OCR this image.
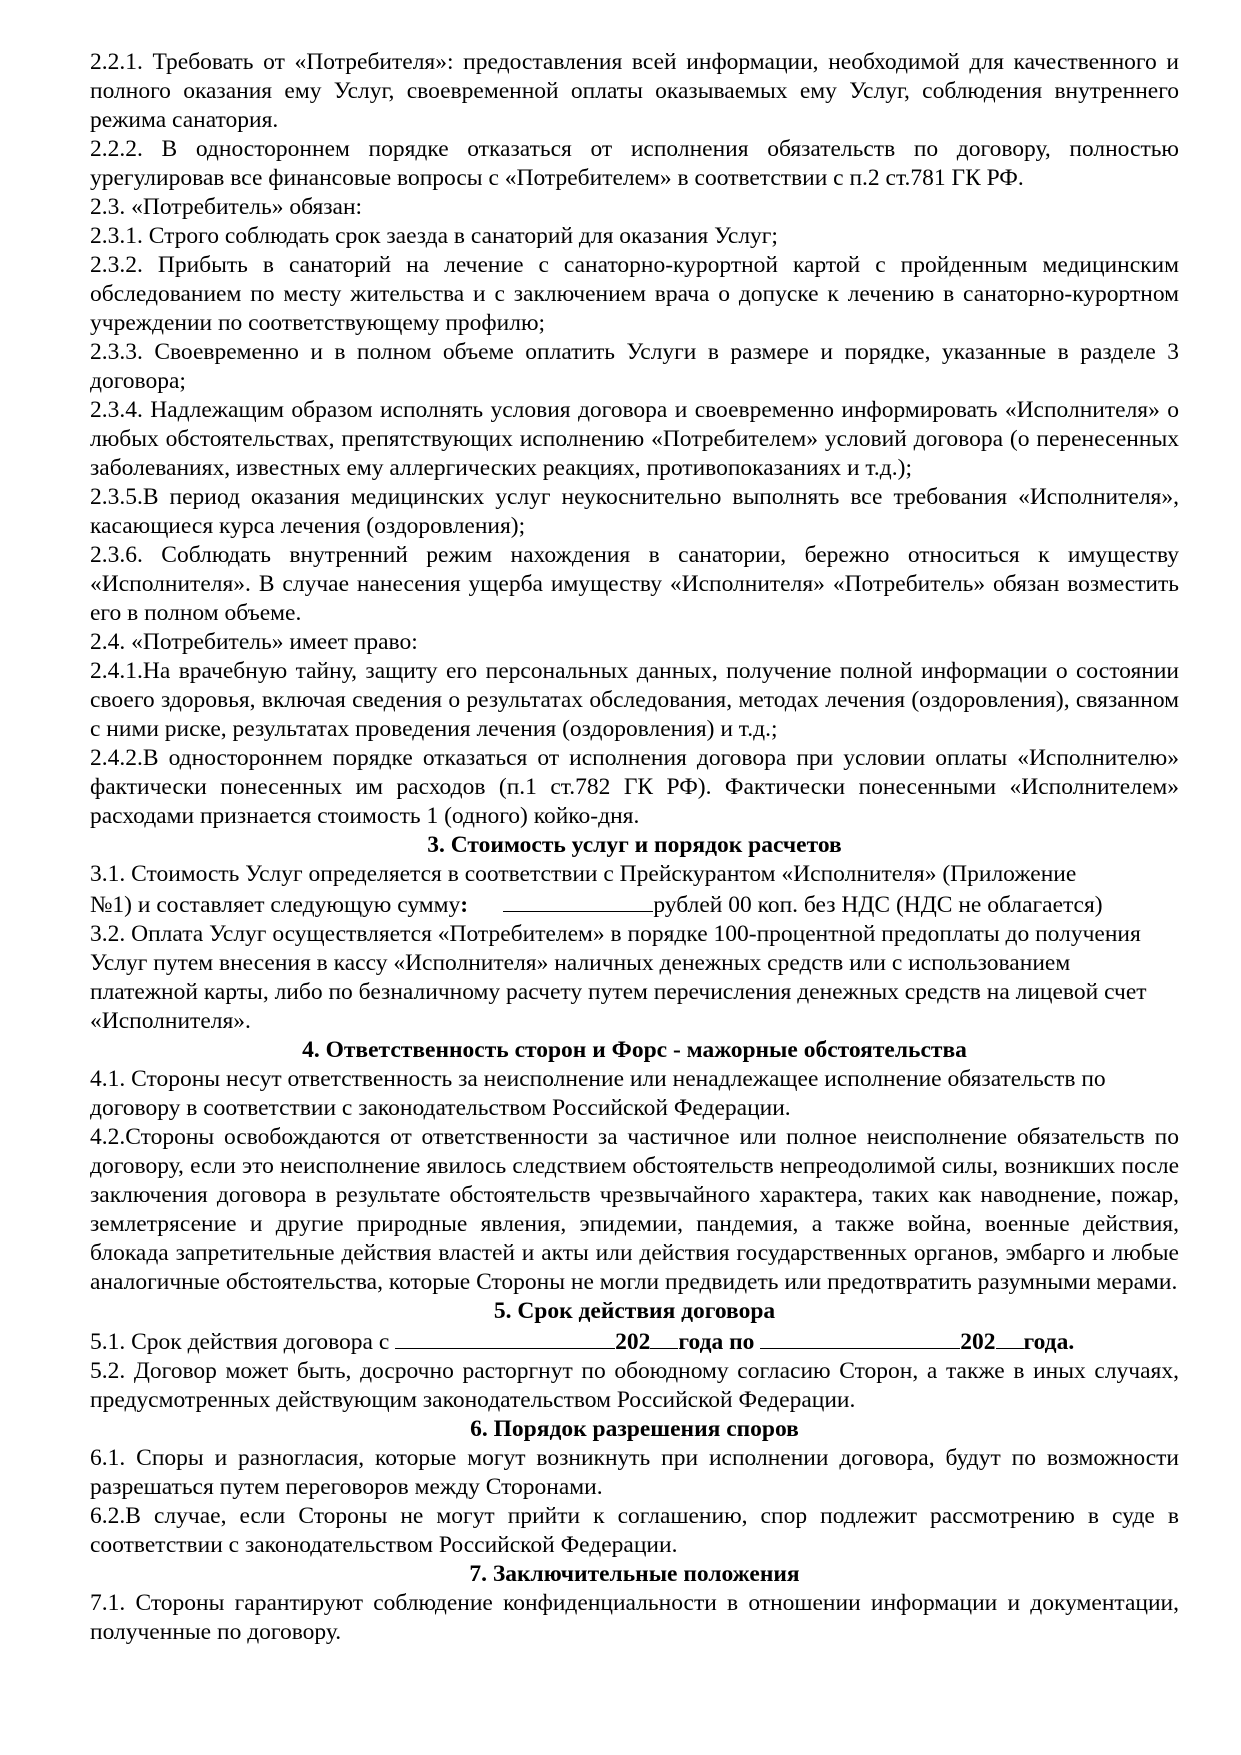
2.2.1. Требовать от «Потребителя»: предоставления всей информации, необходимой для качественного и полного оказания ему Услуг, своевременной оплаты оказываемых ему Услуг, соблюдения внутреннего режима санатория.

2.2.2. В одностороннем порядке отказаться от исполнения обязательств по договору, полностью урегулировав все финансовые вопросы с «Потребителем» в соответствии с п.2 ст.781 ГК РФ.

2.3. «Потребитель» обязан:

2.3.1. Строго соблюдать срок заезда в санаторий для оказания Услуг;

2.3.2. Прибыть в санаторий на лечение с санаторно-курортной картой с пройденным медицинским обследованием по месту жительства и с заключением врача о допуске к лечению в санаторно-курортном учреждении по соответствующему профилю;

2.3.3. Своевременно и в полном объеме оплатить Услуги в размере и порядке, указанные в разделе 3 договора;

2.3.4. Надлежащим образом исполнять условия договора и своевременно информировать «Исполнителя» о любых обстоятельствах, препятствующих исполнению «Потребителем» условий договора (о перенесенных заболеваниях, известных ему аллергических реакциях, противопоказаниях и т.д.);

2.3.5.В период оказания медицинских услуг неукоснительно выполнять все требования «Исполнителя», касающиеся курса лечения (оздоровления);

2.3.6. Соблюдать внутренний режим нахождения в санатории, бережно относиться к имуществу «Исполнителя». В случае нанесения ущерба имуществу «Исполнителя» «Потребитель» обязан возместить его в полном объеме.

2.4. «Потребитель» имеет право:

2.4.1.На врачебную тайну, защиту его персональных данных, получение полной информации о состоянии своего здоровья, включая сведения о результатах обследования, методах лечения (оздоровления), связанном с ними риске, результатах проведения лечения (оздоровления) и т.д.;

2.4.2.В одностороннем порядке отказаться от исполнения договора при условии оплаты «Исполнителю» фактически понесенных им расходов (п.1 ст.782 ГК РФ). Фактически понесенными «Исполнителем» расходами признается стоимость 1 (одного) койко-дня.

3. Стоимость услуг и порядок расчетов

3.1. Стоимость Услуг определяется в соответствии с Прейскурантом «Исполнителя» (Приложение

№1) и составляет следующую сумму:	рублей 00 коп. без НДС (НДС не облагается)

3.2. Оплата Услуг осуществляется «Потребителем» в порядке 100-процентной предоплаты до получения Услуг путем внесения в кассу «Исполнителя» наличных денежных средств или с использованием платежной карты, либо по безналичному расчету путем перечисления денежных средств на лицевой счет «Исполнителя».

4. Ответственность сторон и Форс - мажорные обстоятельства

4.1. Стороны несут ответственность за неисполнение или ненадлежащее исполнение обязательств по договору в соответствии с законодательством Российской Федерации.

4.2.Стороны освобождаются от ответственности за частичное или полное неисполнение обязательств по договору, если это неисполнение явилось следствием обстоятельств непреодолимой силы, возникших после заключения договора в результате обстоятельств чрезвычайного характера, таких как наводнение, пожар, землетрясение и другие природные явления, эпидемии, пандемия, а также война, военные действия, блокада запретительные действия властей и акты или действия государственных органов, эмбарго и любые аналогичные обстоятельства, которые Стороны не могли предвидеть или предотвратить разумными мерами.

5. Срок действия договора

5.1. Срок действия договора с	202 года по	202 года.

5.2. Договор может быть, досрочно расторгнут по обоюдному согласию Сторон, а также в иных случаях, предусмотренных действующим законодательством Российской Федерации.

6. Порядок разрешения споров

6.1. Споры и разногласия, которые могут возникнуть при исполнении договора, будут по возможности разрешаться путем переговоров между Сторонами.

6.2.В случае, если Стороны не могут прийти к соглашению, спор подлежит рассмотрению в суде в соответствии с законодательством Российской Федерации.

7. Заключительные положения

7.1. Стороны гарантируют соблюдение конфиденциальности в отношении информации и документации, полученные по договору.
